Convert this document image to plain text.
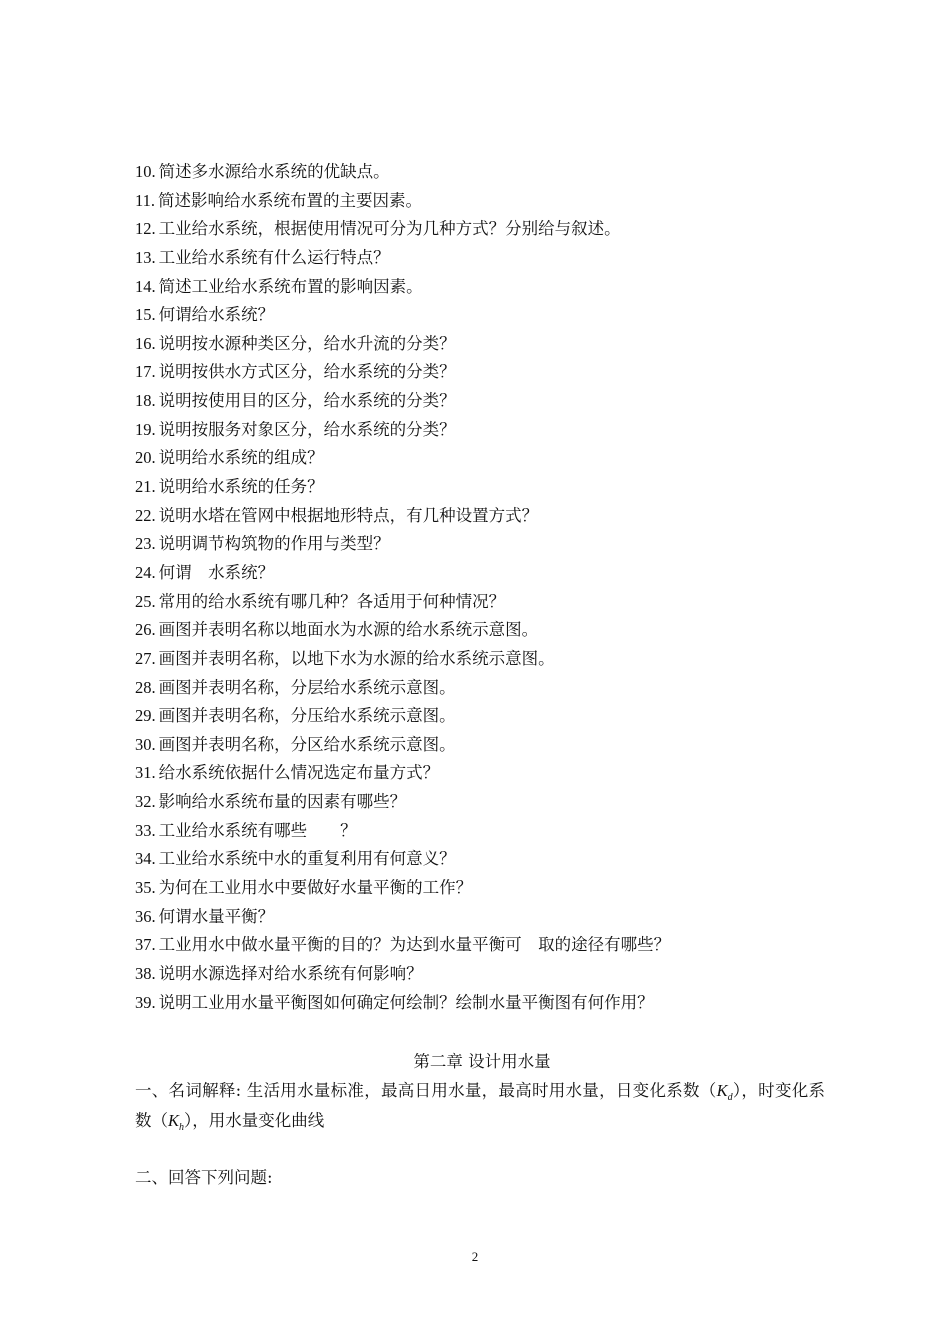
10. 简述多水源给水系统的优缺点。
11. 简述影响给水系统布置的主要因素。
12. 工业给水系统，根据使用情况可分为几种方式？分别给与叙述。
13. 工业给水系统有什么运行特点？
14. 简述工业给水系统布置的影响因素。
15. 何谓给水系统？
16. 说明按水源种类区分，给水升流的分类？
17. 说明按供水方式区分，给水系统的分类？
18. 说明按使用目的区分，给水系统的分类？
19. 说明按服务对象区分，给水系统的分类？
20. 说明给水系统的组成？
21. 说明给水系统的任务？
22. 说明水塔在管网中根据地形特点，有几种设置方式？
23. 说明调节构筑物的作用与类型？
24. 何谓　水系统？
25. 常用的给水系统有哪几种？各适用于何种情况？
26. 画图并表明名称以地面水为水源的给水系统示意图。
27. 画图并表明名称，以地下水为水源的给水系统示意图。
28. 画图并表明名称，分层给水系统示意图。
29. 画图并表明名称，分压给水系统示意图。
30. 画图并表明名称，分区给水系统示意图。
31. 给水系统依据什么情况选定布量方式？
32. 影响给水系统布量的因素有哪些？
33. 工业给水系统有哪些　　？
34. 工业给水系统中水的重复利用有何意义？
35. 为何在工业用水中要做好水量平衡的工作？
36. 何谓水量平衡？
37. 工业用水中做水量平衡的目的？为达到水量平衡可　取的途径有哪些？
38. 说明水源选择对给水系统有何影响？
39. 说明工业用水量平衡图如何确定何绘制？绘制水量平衡图有何作用？
第二章 设计用水量
一、名词解释: 生活用水量标准，最高日用水量，最高时用水量，日变化系数$(K_d)$，时变化系数$(K_h)$，用水量变化曲线
二、回答下列问题:
2
